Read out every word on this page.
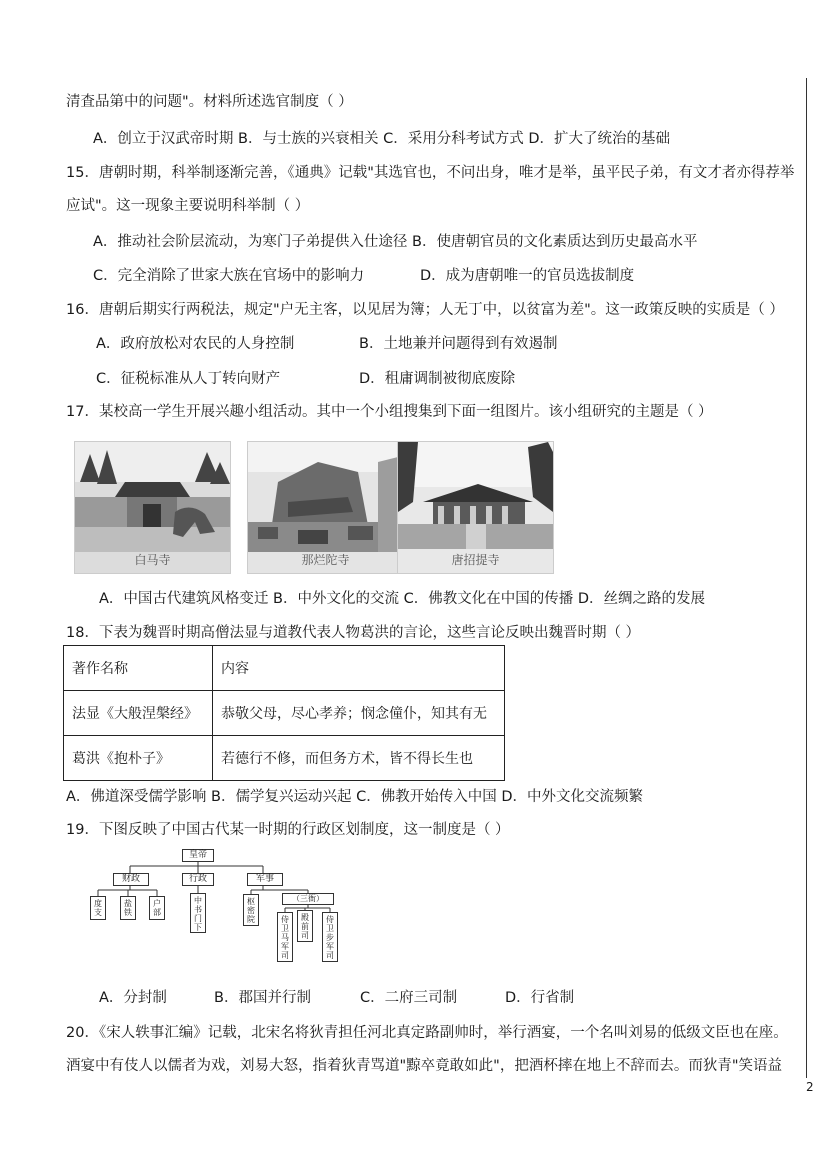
2
清査品第中的问题"。材料所述选官制度（ ）
A．创立于汉武帝时期 B．与士族的兴衰相关 C．采用分科考试方式 D．扩大了统治的基础
15．唐朝时期，科举制逐渐完善，《通典》记载"其选官也，不问出身，唯才是举，虽平民子弟，有文才者亦得荐举
应试"。这一现象主要说明科举制（ ）
A．推动社会阶层流动，为寒门子弟提供入仕途径 B．使唐朝官员的文化素质达到历史最高水平
C．完全消除了世家大族在官场中的影响力	D．成为唐朝唯一的官员选拔制度
16．唐朝后期实行两税法，规定"户无主客，以见居为簿；人无丁中，以贫富为差"。这一政策反映的实质是（ ）
A．政府放松对农民的人身控制	B．土地兼并问题得到有效遏制
C．征税标准从人丁转向财产	D．租庸调制被彻底废除
17．某校高一学生开展兴趣小组活动。其中一个小组搜集到下面一组图片。该小组研究的主题是（ ）
白马寺	那烂陀寺	唐招提寺
A．中国古代建筑风格变迁 B．中外文化的交流 C．佛教文化在中国的传播 D．丝绸之路的发展
18．下表为魏晋时期高僧法显与道教代表人物葛洪的言论，这些言论反映出魏晋时期（ ）
著作名称	内容
法显《大般涅槃经》	恭敬父母，尽心孝养；悯念僮仆，知其有无
葛洪《抱朴子》	若德行不修，而但务方术，皆不得长生也
A．佛道深受儒学影响 B．儒学复兴运动兴起 C．佛教开始传入中国 D．中外文化交流频繁
19．下图反映了中国古代某一时期的行政区划制度，这一制度是（ ）
皇帝
财政	行政	军事
度支
盐铁
户部
中书门下
枢密院
（三衙）
侍卫马军司
殿前司
侍卫步军司
A．分封制	B．郡国并行制	C．二府三司制	D．行省制
20．《宋人轶事汇编》记载，北宋名将狄青担任河北真定路副帅时，举行酒宴，一个名叫刘易的低级文臣也在座。
酒宴中有伎人以儒者为戏，刘易大怒，指着狄青骂道"黥卒竟敢如此"，把酒杯摔在地上不辞而去。而狄青"笑语益
